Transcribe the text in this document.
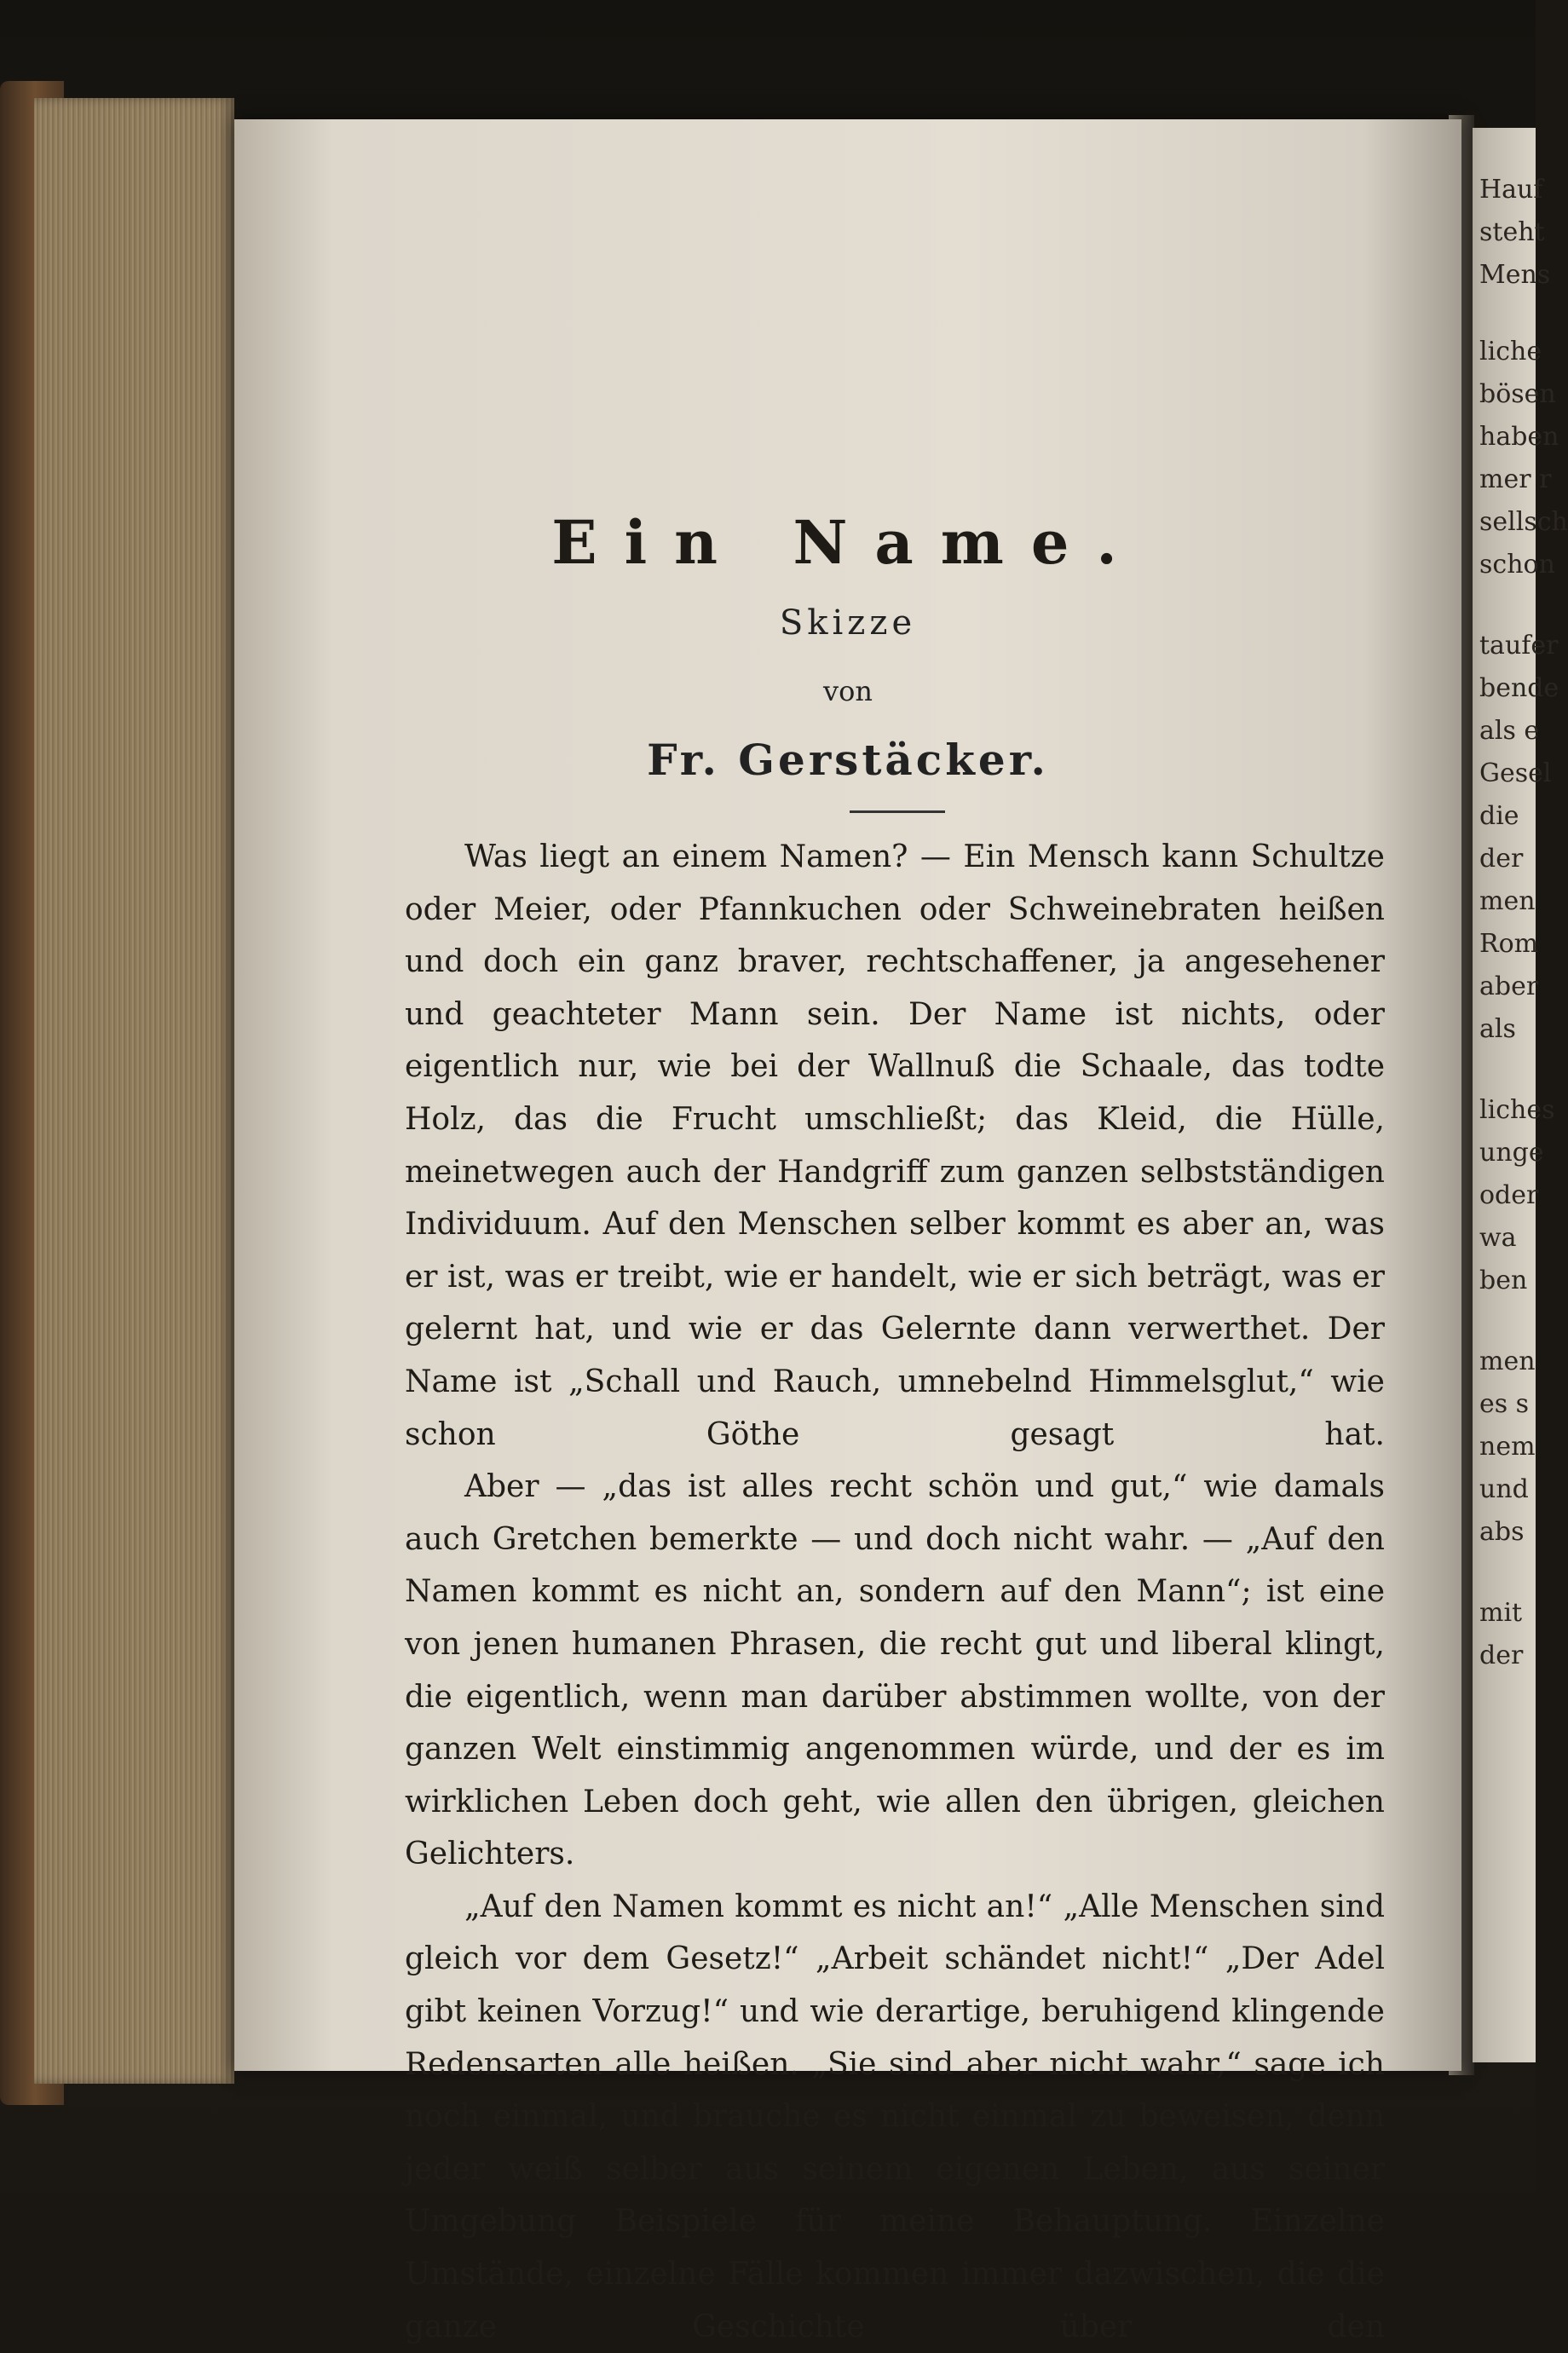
Hauf
steht
Mens
liche
bösen
haben
mer r
sellsch
schon
taufer
bende
als e
Gesel
die
der
men
Rom
aber
als
liches
unge
oder
wa
ben
men
es s
nem
und
abs
mit
der
Ein Name.
Skizze
von
Fr. Gerstäcker.

Was liegt an einem Namen? — Ein Mensch kann Schultze oder Meier, oder Pfannkuchen oder Schweinebraten heißen und doch ein ganz braver, rechtschaffener, ja angesehener und geachteter Mann sein. Der Name ist nichts, oder eigentlich nur, wie bei der Wallnuß die Schaale, das todte Holz, das die Frucht umschließt; das Kleid, die Hülle, meinetwegen auch der Handgriff zum ganzen selbstständigen Individuum. Auf den Menschen selber kommt es aber an, was er ist, was er treibt, wie er handelt, wie er sich beträgt, was er gelernt hat, und wie er das Gelernte dann verwerthet. Der Name ist „Schall und Rauch, umnebelnd Himmelsglut,“ wie schon Göthe gesagt hat.

Aber — „das ist alles recht schön und gut,“ wie damals auch Gretchen bemerkte — und doch nicht wahr. — „Auf den Namen kommt es nicht an, sondern auf den Mann“; ist eine von jenen humanen Phrasen, die recht gut und liberal klingt, die eigentlich, wenn man darüber abstimmen wollte, von der ganzen Welt einstimmig angenommen würde, und der es im wirklichen Leben doch geht, wie allen den übrigen, gleichen Gelichters.

„Auf den Namen kommt es nicht an!“ „Alle Menschen sind gleich vor dem Gesetz!“ „Arbeit schändet nicht!“ „Der Adel gibt keinen Vorzug!“ und wie derartige, beruhigend klingende Redensarten alle heißen. „Sie sind aber nicht wahr,“ sage ich noch einmal, und brauche es nicht einmal zu beweisen, denn jeder weiß selber aus seinem eigenen Leben, aus seiner Umgebung Beispiele für meine Behauptung. Einzelne Umstände, einzelne Fälle kommen immer dazwischen, die die ganze Geschichte über den
